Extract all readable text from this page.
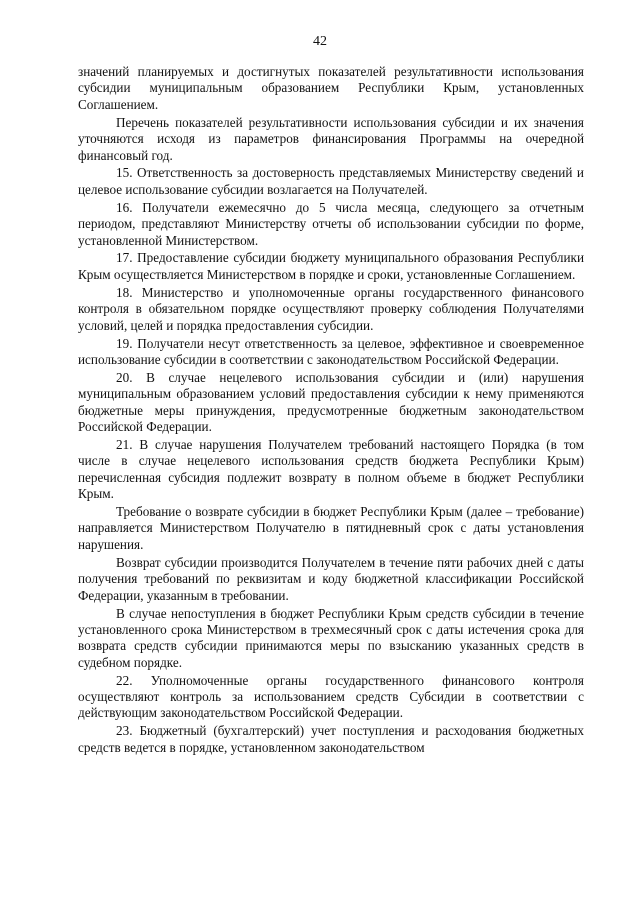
42

значений планируемых и достигнутых показателей результативности использования субсидии муниципальным образованием Республики Крым, установленных Соглашением.

Перечень показателей результативности использования субсидии и их значения уточняются исходя из параметров финансирования Программы на очередной финансовый год.

15. Ответственность за достоверность представляемых Министерству сведений и целевое использование субсидии возлагается на Получателей.

16. Получатели ежемесячно до 5 числа месяца, следующего за отчетным периодом, представляют Министерству отчеты об использовании субсидии по форме, установленной Министерством.

17. Предоставление субсидии бюджету муниципального образования Республики Крым осуществляется Министерством в порядке и сроки, установленные Соглашением.

18. Министерство и уполномоченные органы государственного финансового контроля в обязательном порядке осуществляют проверку соблюдения Получателями условий, целей и порядка предоставления субсидии.

19. Получатели несут ответственность за целевое, эффективное и своевременное использование субсидии в соответствии с законодательством Российской Федерации.

20. В случае нецелевого использования субсидии и (или) нарушения муниципальным образованием условий предоставления субсидии к нему применяются бюджетные меры принуждения, предусмотренные бюджетным законодательством Российской Федерации.

21. В случае нарушения Получателем требований настоящего Порядка (в том числе в случае нецелевого использования средств бюджета Республики Крым) перечисленная субсидия подлежит возврату в полном объеме в бюджет Республики Крым.

Требование о возврате субсидии в бюджет Республики Крым (далее – требование) направляется Министерством Получателю в пятидневный срок с даты установления нарушения.

Возврат субсидии производится Получателем в течение пяти рабочих дней с даты получения требований по реквизитам и коду бюджетной классификации Российской Федерации, указанным в требовании.

В случае непоступления в бюджет Республики Крым средств субсидии в течение установленного срока Министерством в трехмесячный срок с даты истечения срока для возврата средств субсидии принимаются меры по взысканию указанных средств в судебном порядке.

22. Уполномоченные органы государственного финансового контроля осуществляют контроль за использованием средств Субсидии в соответствии с действующим законодательством Российской Федерации.

23. Бюджетный (бухгалтерский) учет поступления и расходования бюджетных средств ведется в порядке, установленном законодательством
